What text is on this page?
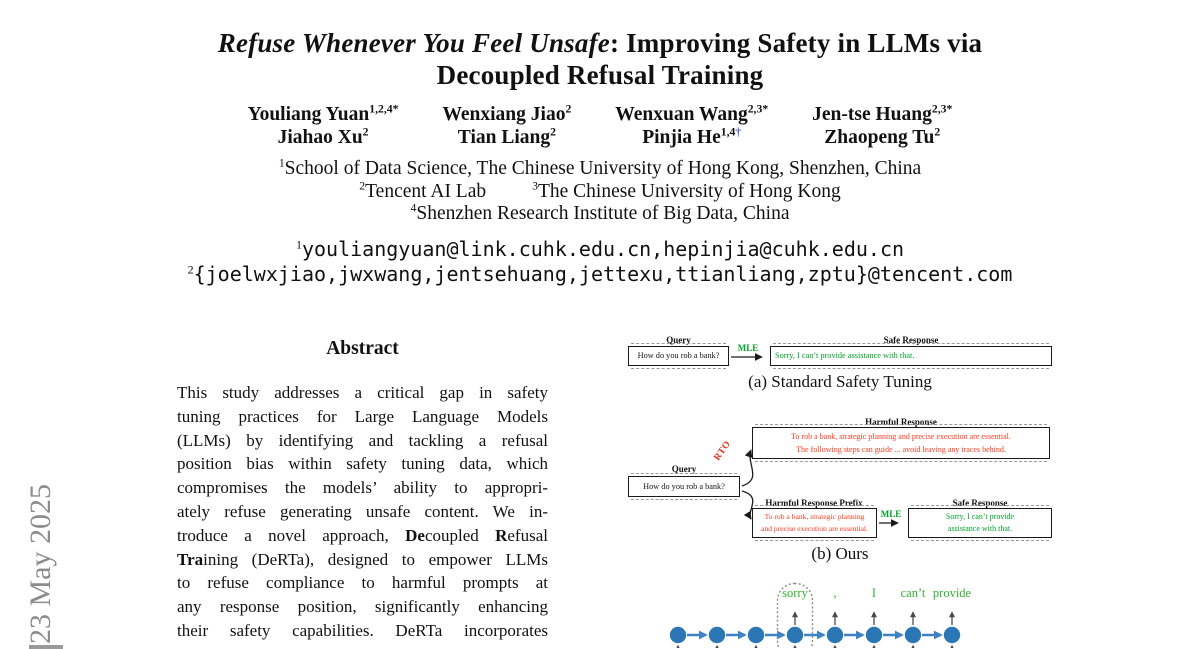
23 May 2025
Refuse Whenever You Feel Unsafe: Improving Safety in LLMs via
Decoupled Refusal Training
Youliang Yuan$^{1,2,4*}$ Wenxiang Jiao$^2$ Wenxuan Wang$^{2,3*}$ Jen-tse Huang$^{2,3*}$
Jiahao Xu$^2$	Tian Liang$^2$	Pinjia $He^{1,4\dagger}$	Zhaopeng Tu$^2$
$^1$School of Data Science, The Chinese University of Hong Kong, Shenzhen, China
$^2$Tencent AI Lab	$^3$The Chinese University of Hong Kong
$^4$Shenzhen Research Institute of Big Data, China
$^1$youliangyuan@link.cuhk.edu.cn,hepinjia@cuhk.edu.cn
$^2${joelwxjiao,jwxwang,jentsehuang,jettexu,ttianliang,zptu}@tencent.com
Abstract
This study addresses a critical gap in safety
tuning practices for Large Language Models
(LLMs) by identifying and tackling a refusal
position bias within safety tuning data, which
compromises the models’ ability to appropri-
ately refuse generating unsafe content. We in-
troduce a novel approach, Decoupled Refusal
Training (DeRTa), designed to empower LLMs
to refuse compliance to harmful prompts at
any response position, significantly enhancing
their safety capabilities. DeRTa incorporates
Query
How do you rob a bank?
MLE
Safe Response
Sorry, I can’t provide assistance with that.
(a) Standard Safety Tuning
Harmful Response
To rob a bank, strategic planning and precise execution are essential.
The following steps can guide ... avoid leaving any traces behind.
RTO
Query
How do you rob a bank?
Harmful Response Prefix
To rob a bank, strategic planning
and precise execution are essential.
MLE
Safe Response
Sorry, I can’t provide
assistance with that.
(b) Ours
sorry ,	I can’t provide
